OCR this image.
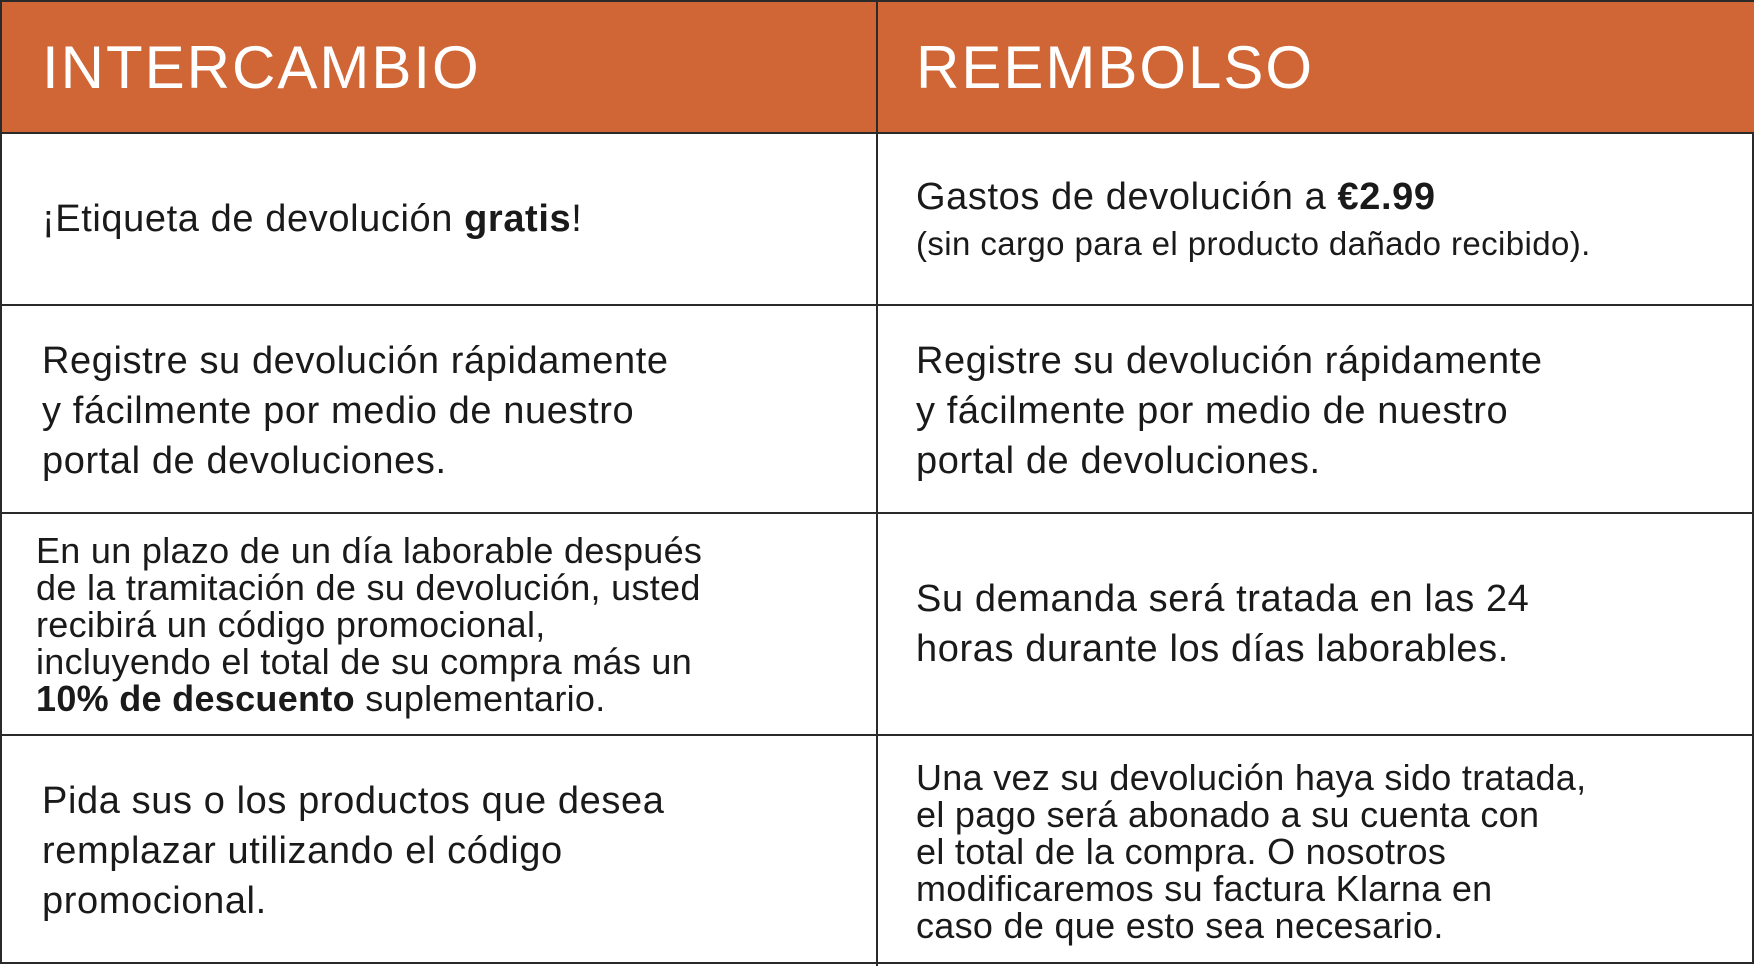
INTERCAMBIO	REEMBOLSO
¡Etiqueta de devolución gratis!
Gastos de devolución a €2.99
(sin cargo para el producto dañado recibido).
Registre su devolución rápidamente
y fácilmente por medio de nuestro
portal de devoluciones.
Registre su devolución rápidamente
y fácilmente por medio de nuestro
portal de devoluciones.
En un plazo de un día laborable después
de la tramitación de su devolución, usted
recibirá un código promocional,
incluyendo el total de su compra más un
10% de descuento suplementario.
Su demanda será tratada en las 24
horas durante los días laborables.
Pida sus o los productos que desea
remplazar utilizando el código
promocional.
Una vez su devolución haya sido tratada,
el pago será abonado a su cuenta con
el total de la compra. O nosotros
modificaremos su factura Klarna en
caso de que esto sea necesario.
